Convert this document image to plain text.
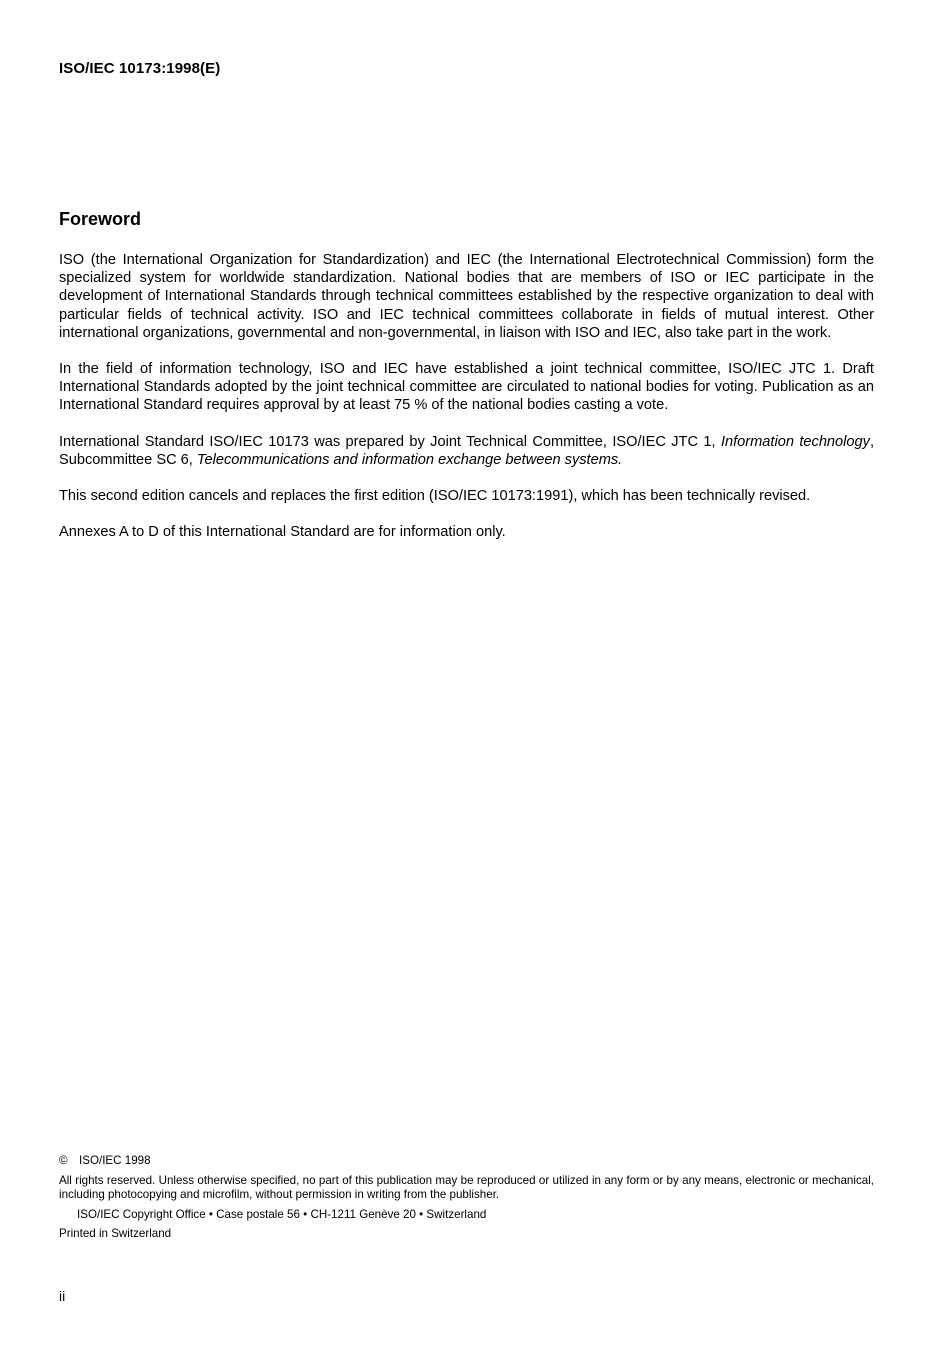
ISO/IEC 10173:1998(E)
Foreword

ISO (the International Organization for Standardization) and IEC (the International Electrotechnical Commission) form the specialized system for worldwide standardization. National bodies that are members of ISO or IEC participate in the development of International Standards through technical committees established by the respective organization to deal with particular fields of technical activity. ISO and IEC technical committees collaborate in fields of mutual interest. Other international organizations, governmental and non-governmental, in liaison with ISO and IEC, also take part in the work.

In the field of information technology, ISO and IEC have established a joint technical committee, ISO/IEC JTC 1. Draft International Standards adopted by the joint technical committee are circulated to national bodies for voting. Publication as an International Standard requires approval by at least 75 % of the national bodies casting a vote.

International Standard ISO/IEC 10173 was prepared by Joint Technical Committee, ISO/IEC JTC 1, Information technology, Subcommittee SC 6, Telecommunications and information exchange between systems.

This second edition cancels and replaces the first edition (ISO/IEC 10173:1991), which has been technically revised.

Annexes A to D of this International Standard are for information only.

© ISO/IEC 1998
All rights reserved. Unless otherwise specified, no part of this publication may be reproduced or utilized in any form or by any means, electronic or mechanical, including photocopying and microfilm, without permission in writing from the publisher.
ISO/IEC Copyright Office • Case postale 56 • CH-1211 Genève 20 • Switzerland
Printed in Switzerland
ii
